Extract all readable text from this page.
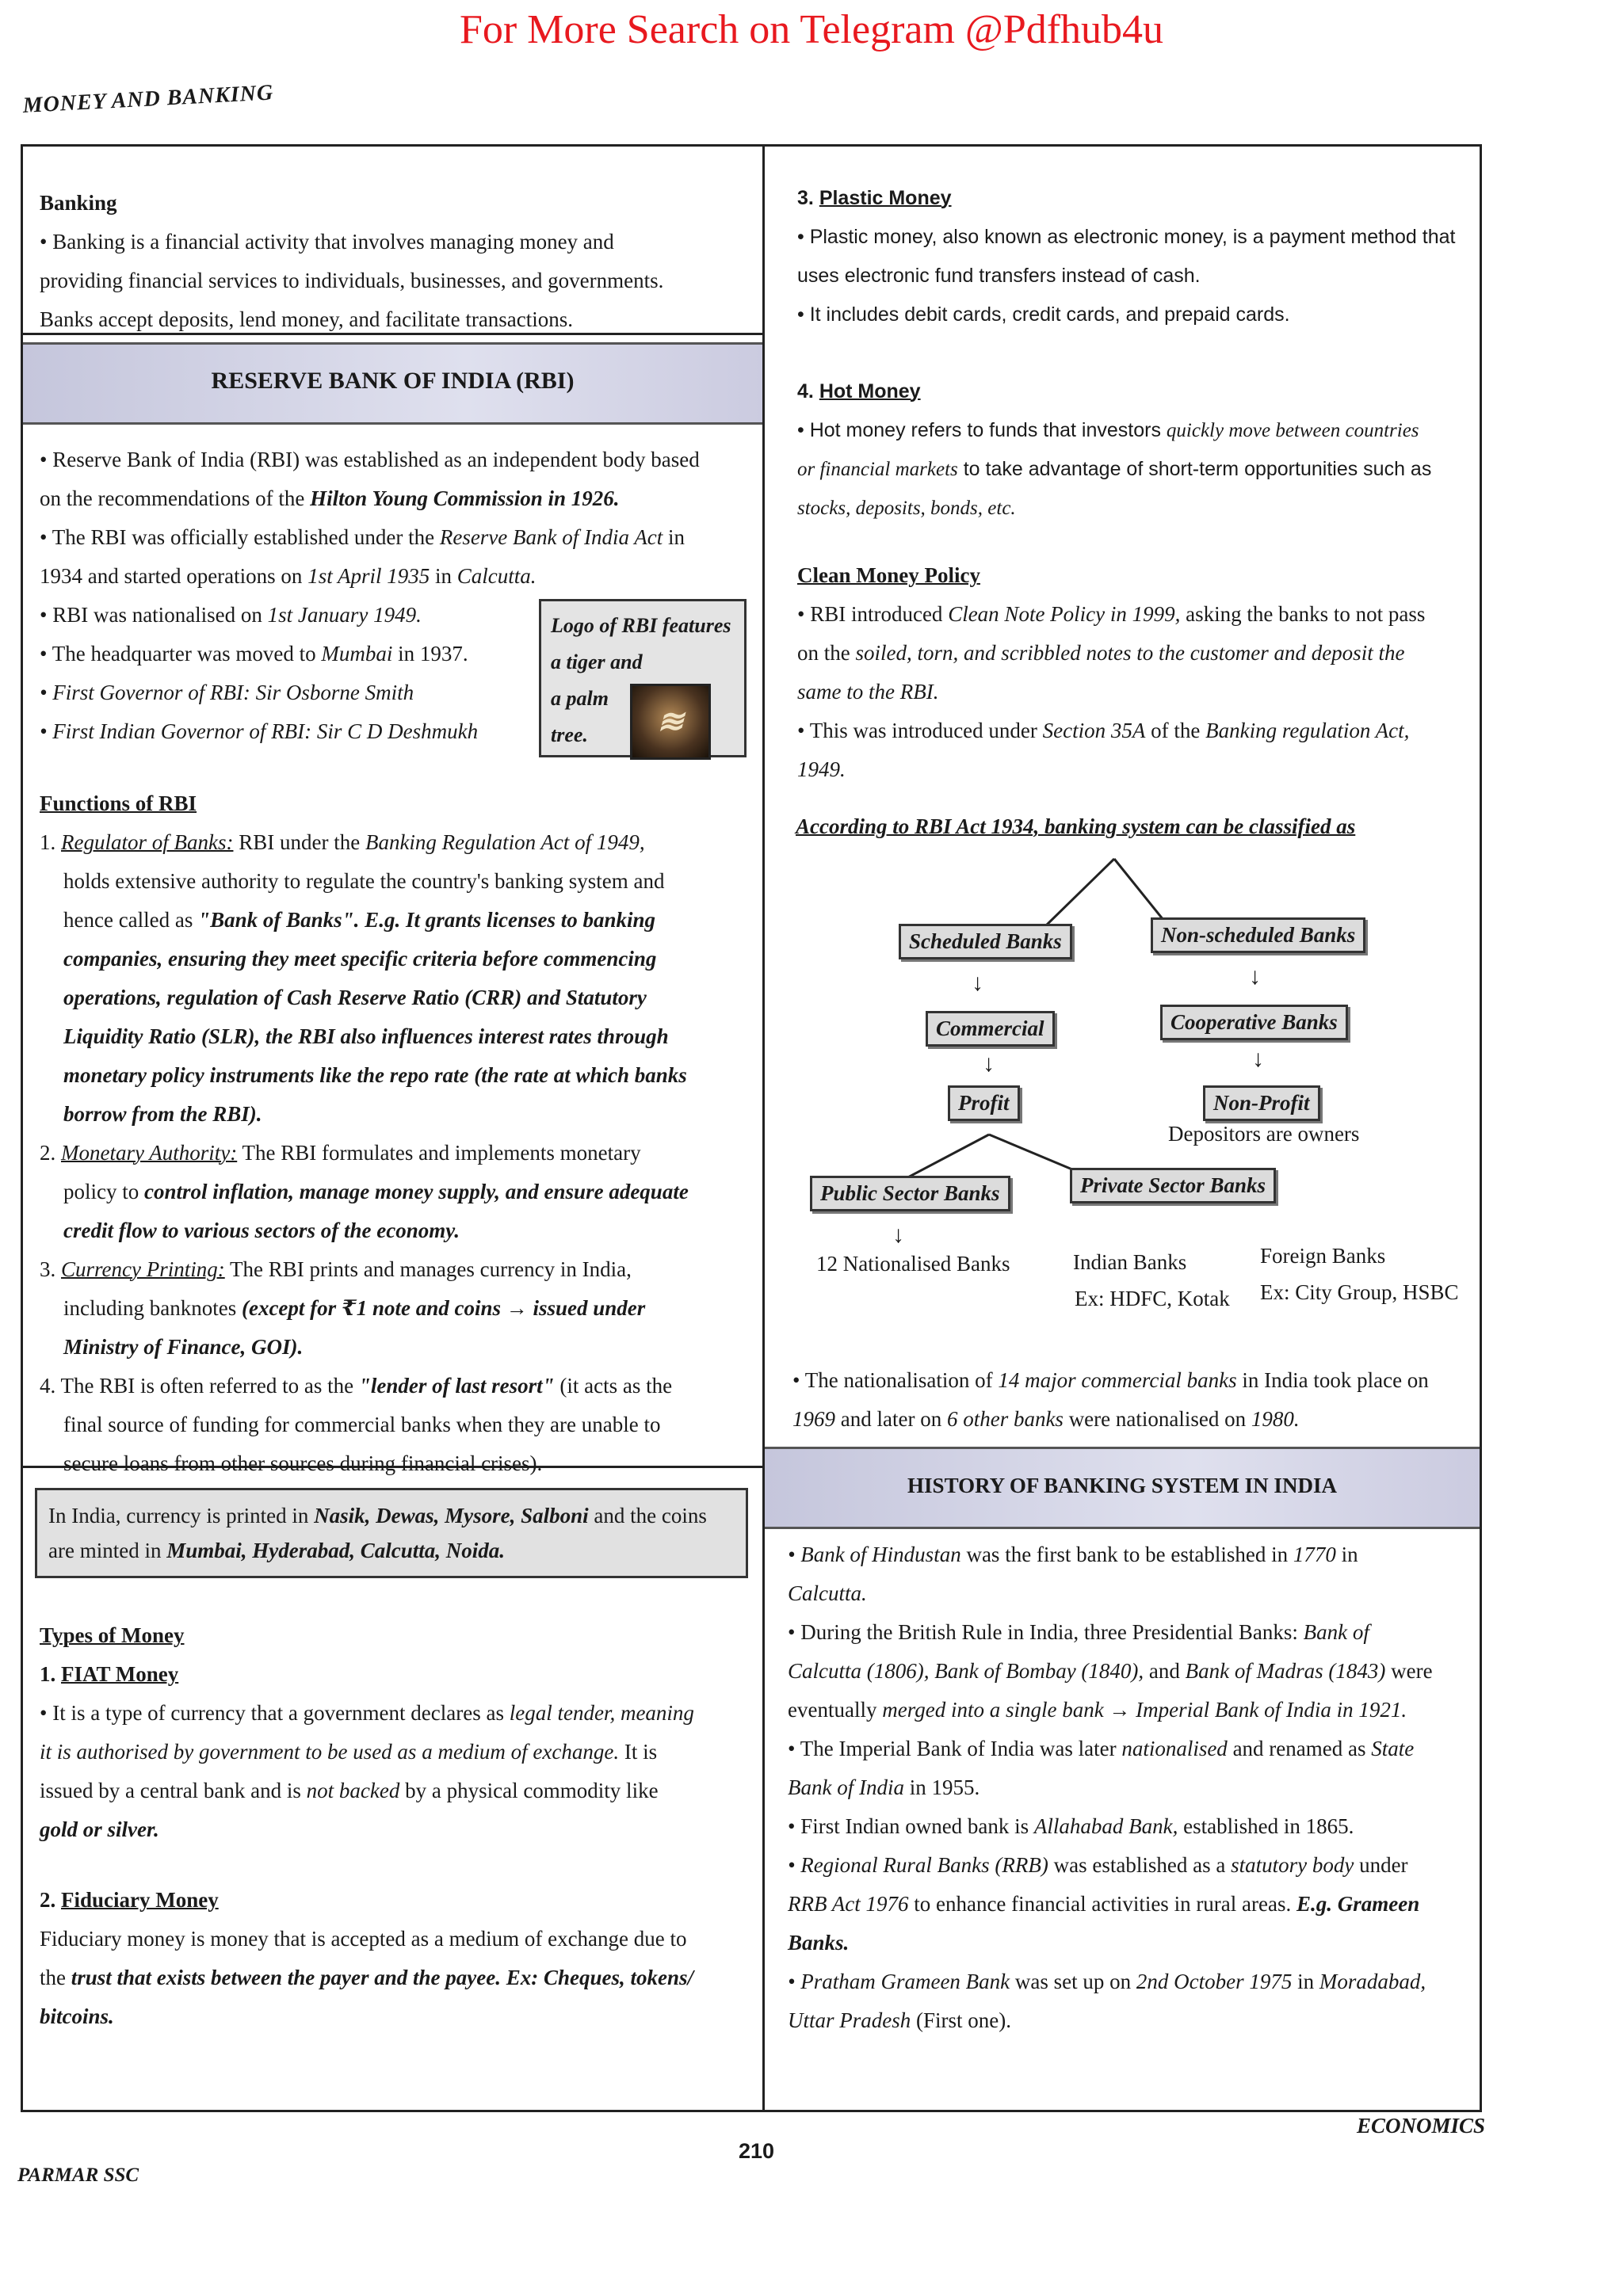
For More Search on Telegram @Pdfhub4u
MONEY AND BANKING

Banking

• Banking is a financial activity that involves managing money and

providing financial services to individuals, businesses, and governments.

Banks accept deposits, lend money, and facilitate transactions.

RESERVE BANK OF INDIA (RBI)

• Reserve Bank of India (RBI) was established as an independent body based

on the recommendations of the Hilton Young Commission in 1926.

• The RBI was officially established under the Reserve Bank of India Act in

1934 and started operations on 1st April 1935 in Calcutta.

• RBI was nationalised on 1st January 1949.

• The headquarter was moved to Mumbai in 1937.

• First Governor of RBI: Sir Osborne Smith

• First Indian Governor of RBI: Sir C D Deshmukh

Logo of RBI features
a tiger and a palm
tree.	≋

Functions of RBI

1. Regulator of Banks: RBI under the Banking Regulation Act of 1949,

holds extensive authority to regulate the country's banking system and

hence called as "Bank of Banks". E.g. It grants licenses to banking

companies, ensuring they meet specific criteria before commencing

operations, regulation of Cash Reserve Ratio (CRR) and Statutory

Liquidity Ratio (SLR), the RBI also influences interest rates through

monetary policy instruments like the repo rate (the rate at which banks

borrow from the RBI).

2. Monetary Authority: The RBI formulates and implements monetary

policy to control inflation, manage money supply, and ensure adequate

credit flow to various sectors of the economy.

3. Currency Printing: The RBI prints and manages currency in India,

including banknotes (except for ₹1 note and coins → issued under

Ministry of Finance, GOI).

4. The RBI is often referred to as the "lender of last resort" (it acts as the

final source of funding for commercial banks when they are unable to

secure loans from other sources during financial crises).

In India, currency is printed in Nasik, Dewas, Mysore, Salboni and the coins
are minted in Mumbai, Hyderabad, Calcutta, Noida.

Types of Money

1. FIAT Money

• It is a type of currency that a government declares as legal tender, meaning

it is authorised by government to be used as a medium of exchange. It is

issued by a central bank and is not backed by a physical commodity like

gold or silver.

2. Fiduciary Money

Fiduciary money is money that is accepted as a medium of exchange due to

the trust that exists between the payer and the payee. Ex: Cheques, tokens/

bitcoins.

3. Plastic Money

• Plastic money, also known as electronic money, is a payment method that

uses electronic fund transfers instead of cash.

• It includes debit cards, credit cards, and prepaid cards.

4. Hot Money

• Hot money refers to funds that investors quickly move between countries

or financial markets to take advantage of short-term opportunities such as

stocks, deposits, bonds, etc.

Clean Money Policy

• RBI introduced Clean Note Policy in 1999, asking the banks to not pass

on the soiled, torn, and scribbled notes to the customer and deposit the

same to the RBI.

• This was introduced under Section 35A of the Banking regulation Act,

1949.

According to RBI Act 1934, banking system can be classified as
Scheduled Banks	Non-scheduled Banks
↓	↓
Commercial	Cooperative Banks
↓	↓
Profit	Non-Profit
Depositors are owners
Public Sector Banks	Private Sector Banks
↓
12 Nationalised Banks	Indian Banks
Ex: HDFC, Kotak
Foreign Banks
Ex: City Group, HSBC

• The nationalisation of 14 major commercial banks in India took place on

1969 and later on 6 other banks were nationalised on 1980.

HISTORY OF BANKING SYSTEM IN INDIA

• Bank of Hindustan was the first bank to be established in 1770 in

Calcutta.

• During the British Rule in India, three Presidential Banks: Bank of

Calcutta (1806), Bank of Bombay (1840), and Bank of Madras (1843) were

eventually merged into a single bank → Imperial Bank of India in 1921.

• The Imperial Bank of India was later nationalised and renamed as State

Bank of India in 1955.

• First Indian owned bank is Allahabad Bank, established in 1865.

• Regional Rural Banks (RRB) was established as a statutory body under

RRB Act 1976 to enhance financial activities in rural areas. E.g. Grameen

Banks.

• Pratham Grameen Bank was set up on 2nd October 1975 in Moradabad,

Uttar Pradesh (First one).

210
ECONOMICS
PARMAR SSC
